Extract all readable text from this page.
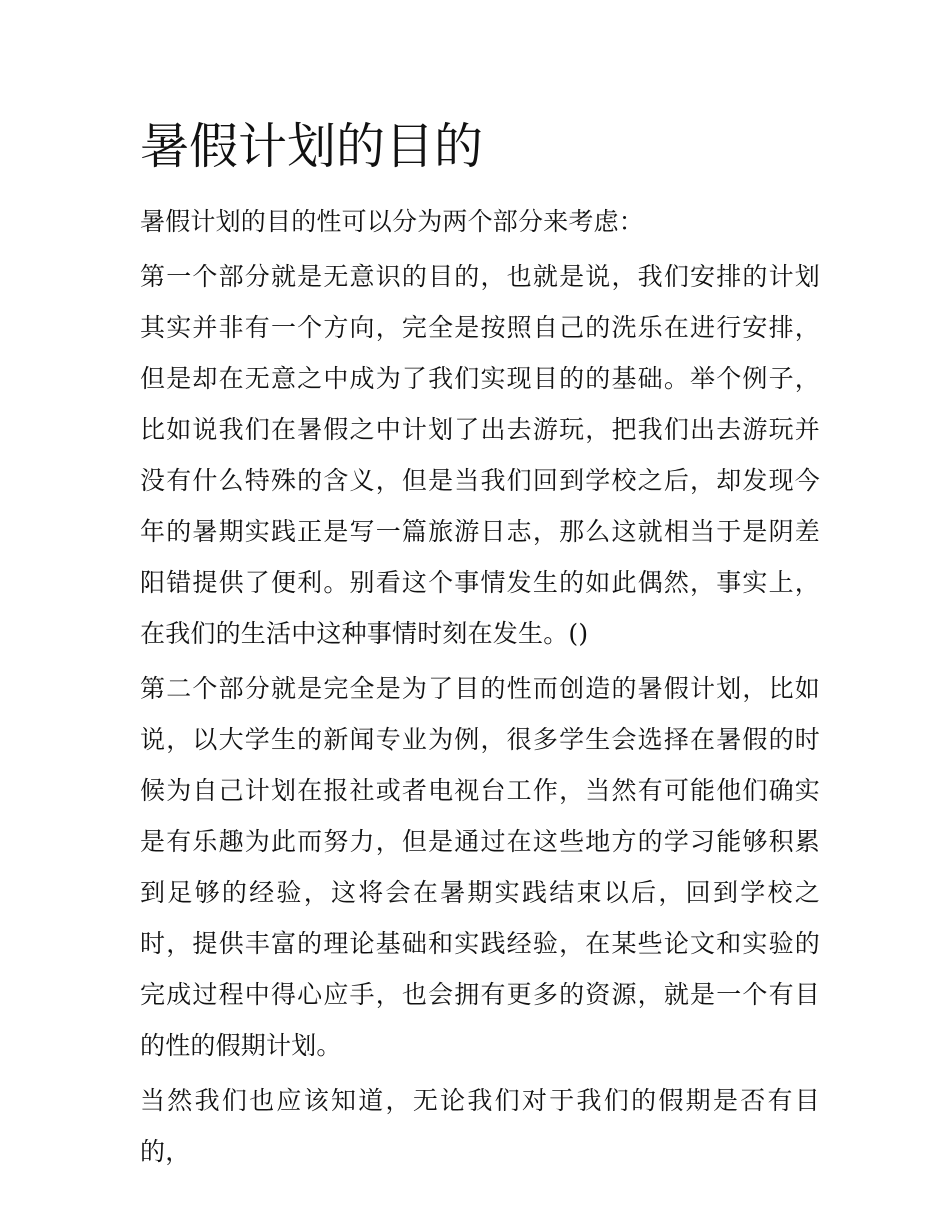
暑假计划的目的

暑假计划的目的性可以分为两个部分来考虑：

第一个部分就是无意识的目的，也就是说，我们安排的计划其实并非有一个方向，完全是按照自己的洗乐在进行安排，但是却在无意之中成为了我们实现目的的基础。举个例子，比如说我们在暑假之中计划了出去游玩，把我们出去游玩并没有什么特殊的含义，但是当我们回到学校之后，却发现今年的暑期实践正是写一篇旅游日志，那么这就相当于是阴差阳错提供了便利。别看这个事情发生的如此偶然，事实上，在我们的生活中这种事情时刻在发生。()

第二个部分就是完全是为了目的性而创造的暑假计划，比如说，以大学生的新闻专业为例，很多学生会选择在暑假的时候为自己计划在报社或者电视台工作，当然有可能他们确实是有乐趣为此而努力，但是通过在这些地方的学习能够积累到足够的经验，这将会在暑期实践结束以后，回到学校之时，提供丰富的理论基础和实践经验，在某些论文和实验的完成过程中得心应手，也会拥有更多的资源，就是一个有目的性的假期计划。

当然我们也应该知道，无论我们对于我们的假期是否有目的，
